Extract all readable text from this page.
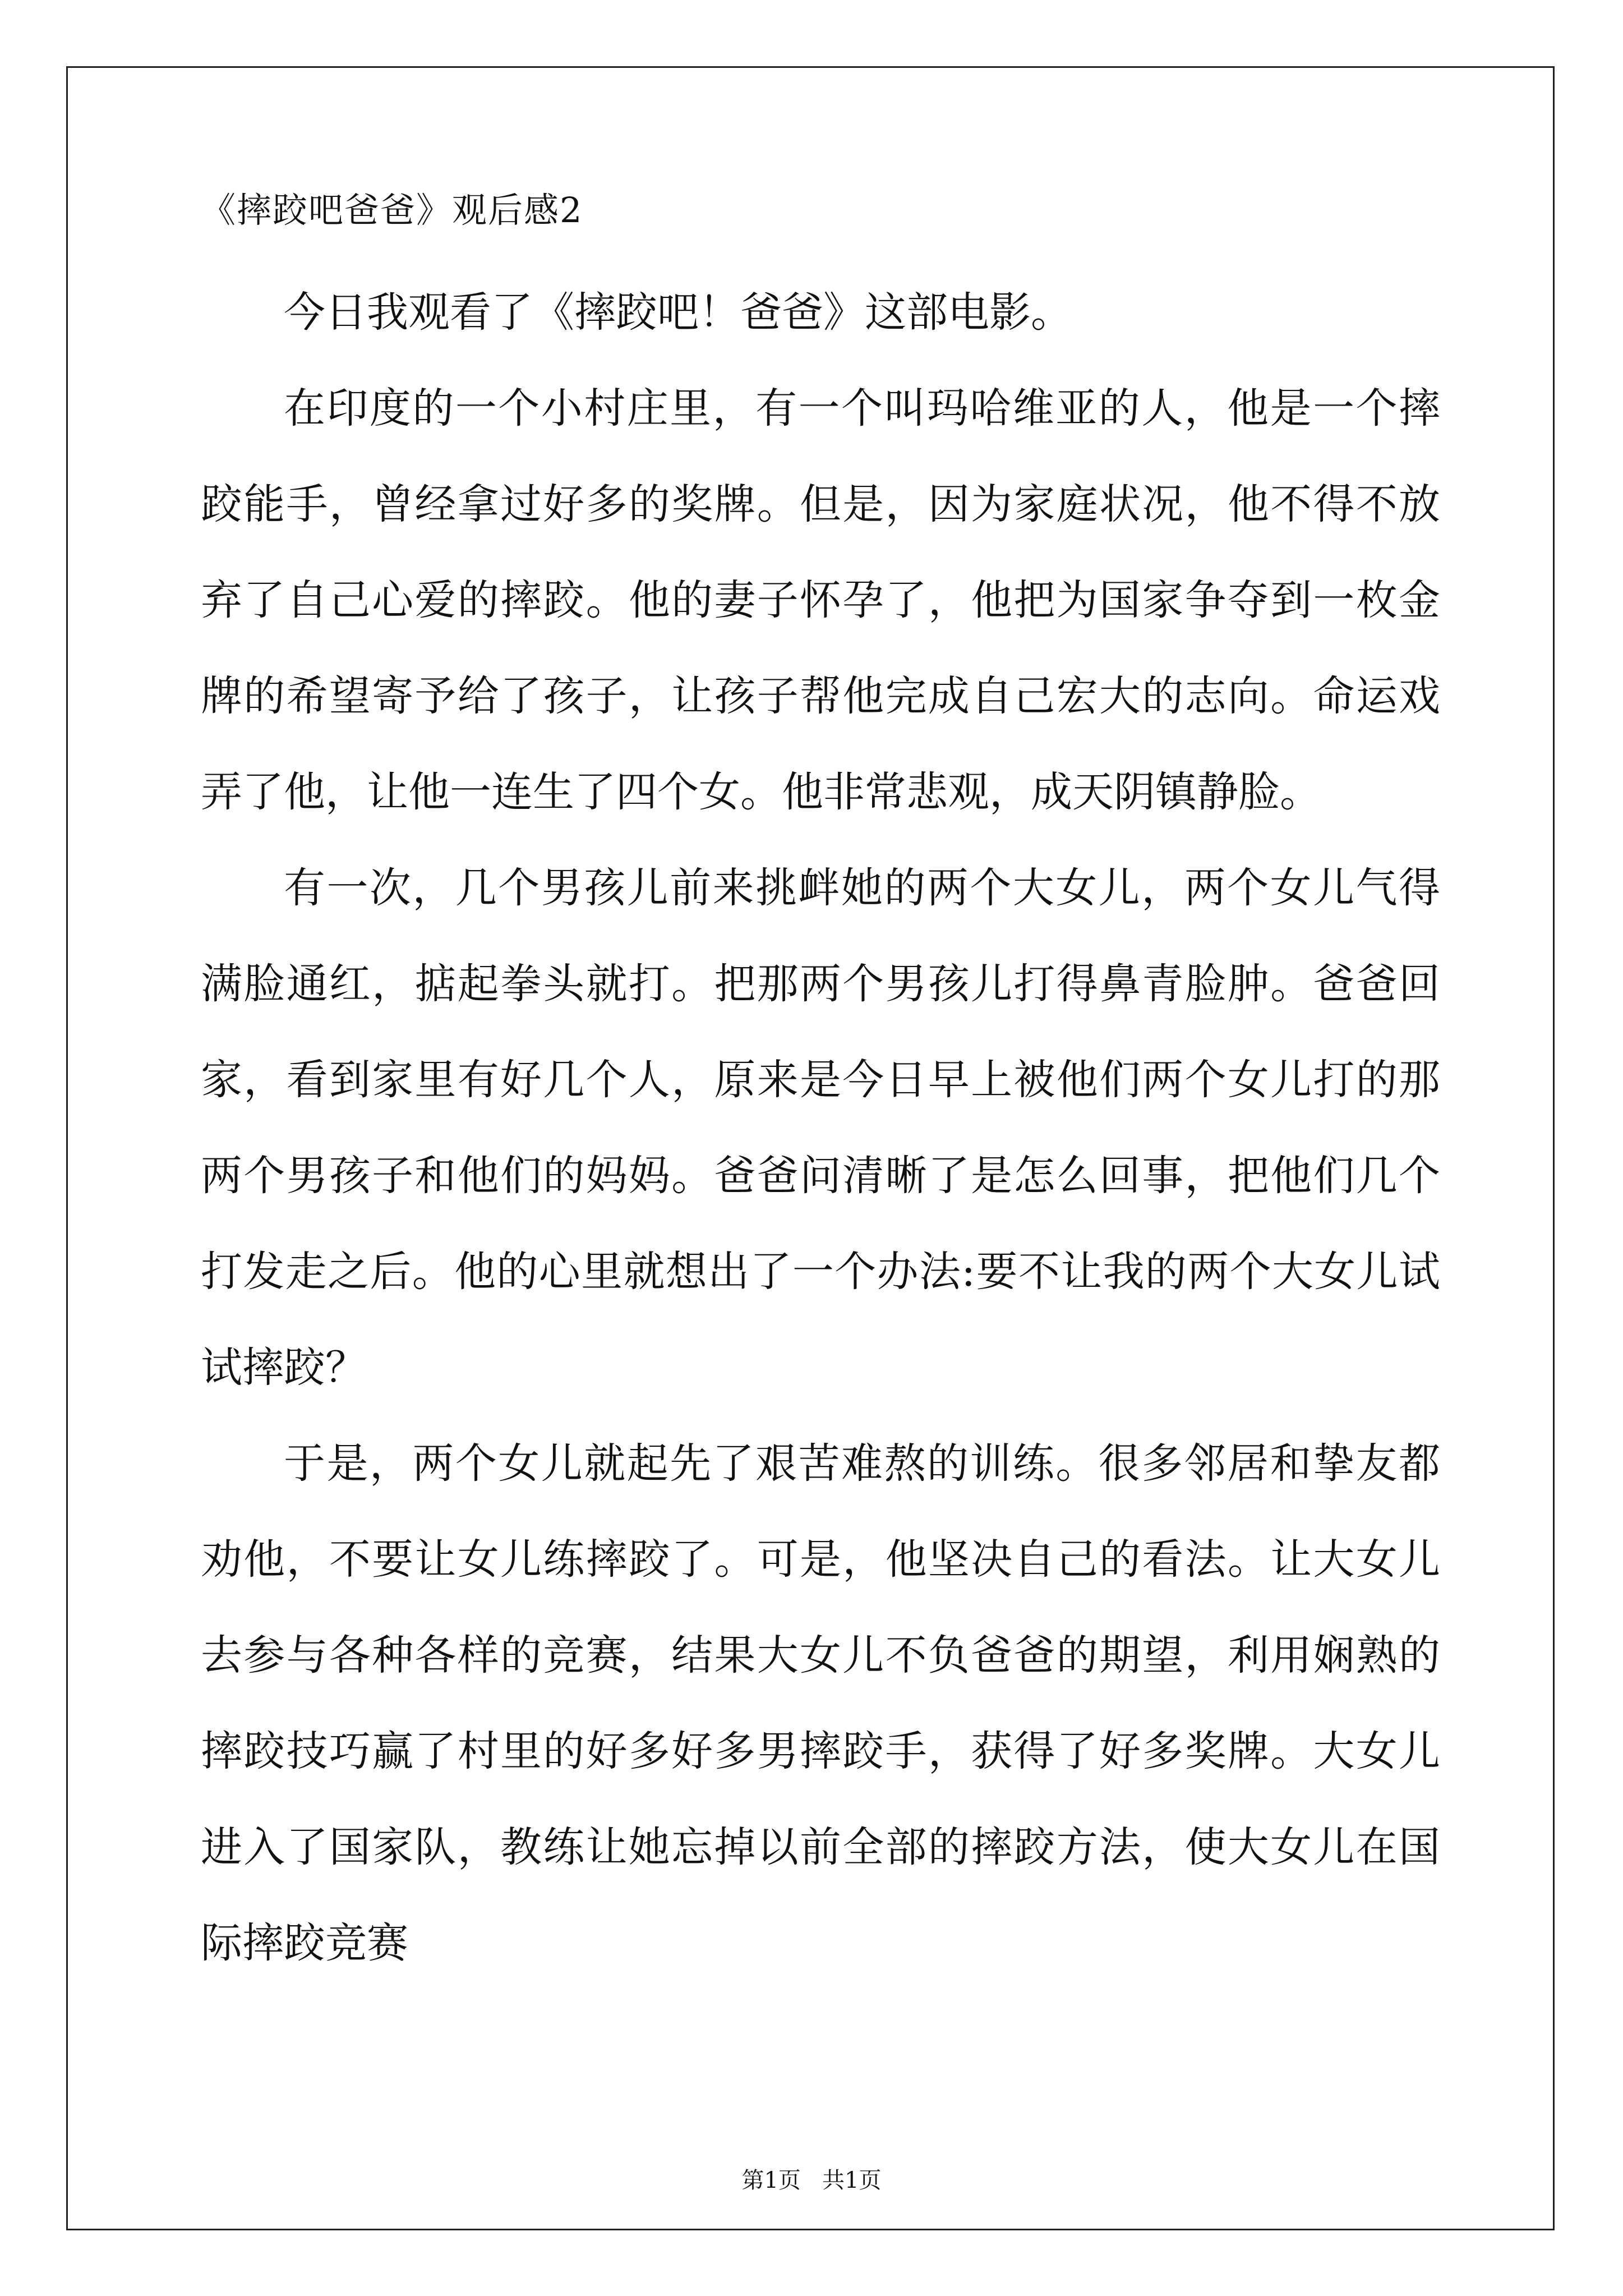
《摔跤吧爸爸》观后感2

今日我观看了《摔跤吧！爸爸》这部电影。

在印度的一个小村庄里，有一个叫玛哈维亚的人，他是一个摔跤能手，曾经拿过好多的奖牌。但是，因为家庭状况，他不得不放弃了自己心爱的摔跤。他的妻子怀孕了，他把为国家争夺到一枚金牌的希望寄予给了孩子，让孩子帮他完成自己宏大的志向。命运戏弄了他，让他一连生了四个女。他非常悲观，成天阴镇静脸。

有一次，几个男孩儿前来挑衅她的两个大女儿，两个女儿气得满脸通红，掂起拳头就打。把那两个男孩儿打得鼻青脸肿。爸爸回家，看到家里有好几个人，原来是今日早上被他们两个女儿打的那两个男孩子和他们的妈妈。爸爸问清晰了是怎么回事，把他们几个打发走之后。他的心里就想出了一个办法:要不让我的两个大女儿试试摔跤？

于是，两个女儿就起先了艰苦难熬的训练。很多邻居和挚友都劝他，不要让女儿练摔跤了。可是，他坚决自己的看法。让大女儿去参与各种各样的竞赛，结果大女儿不负爸爸的期望，利用娴熟的摔跤技巧赢了村里的好多好多男摔跤手，获得了好多奖牌。大女儿进入了国家队，教练让她忘掉以前全部的摔跤方法，使大女儿在国际摔跤竞赛

第1页   共1页
